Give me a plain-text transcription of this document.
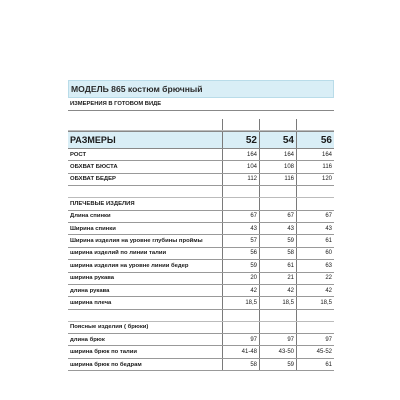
МОДЕЛЬ 865 костюм брючный
ИЗМЕРЕНИЯ В ГОТОВОМ ВИДЕ
РАЗМЕРЫ	52	54	56
РОСТ	164	164	164
ОБХВАТ БЮСТА	104	108	116
ОБХВАТ БЕДЕР	112	116	120
ПЛЕЧЕВЫЕ ИЗДЕЛИЯ
Длина спинки	67	67	67
Ширина спинки	43	43	43
Ширина изделия на уровне глубины проймы	57	59	61
ширина изделий по линии талии	56	58	60
ширина изделия на уровне линии бедер	59	61	63
ширина рукава	20	21	22
длина рукава	42	42	42
ширина плеча	18,5	18,5	18,5
Поясные изделия ( брюки)
длина брюк	97	97	97
ширина брюк по талии	41-48	43-50	45-52
ширина брюк по бедрам	58	59	61
